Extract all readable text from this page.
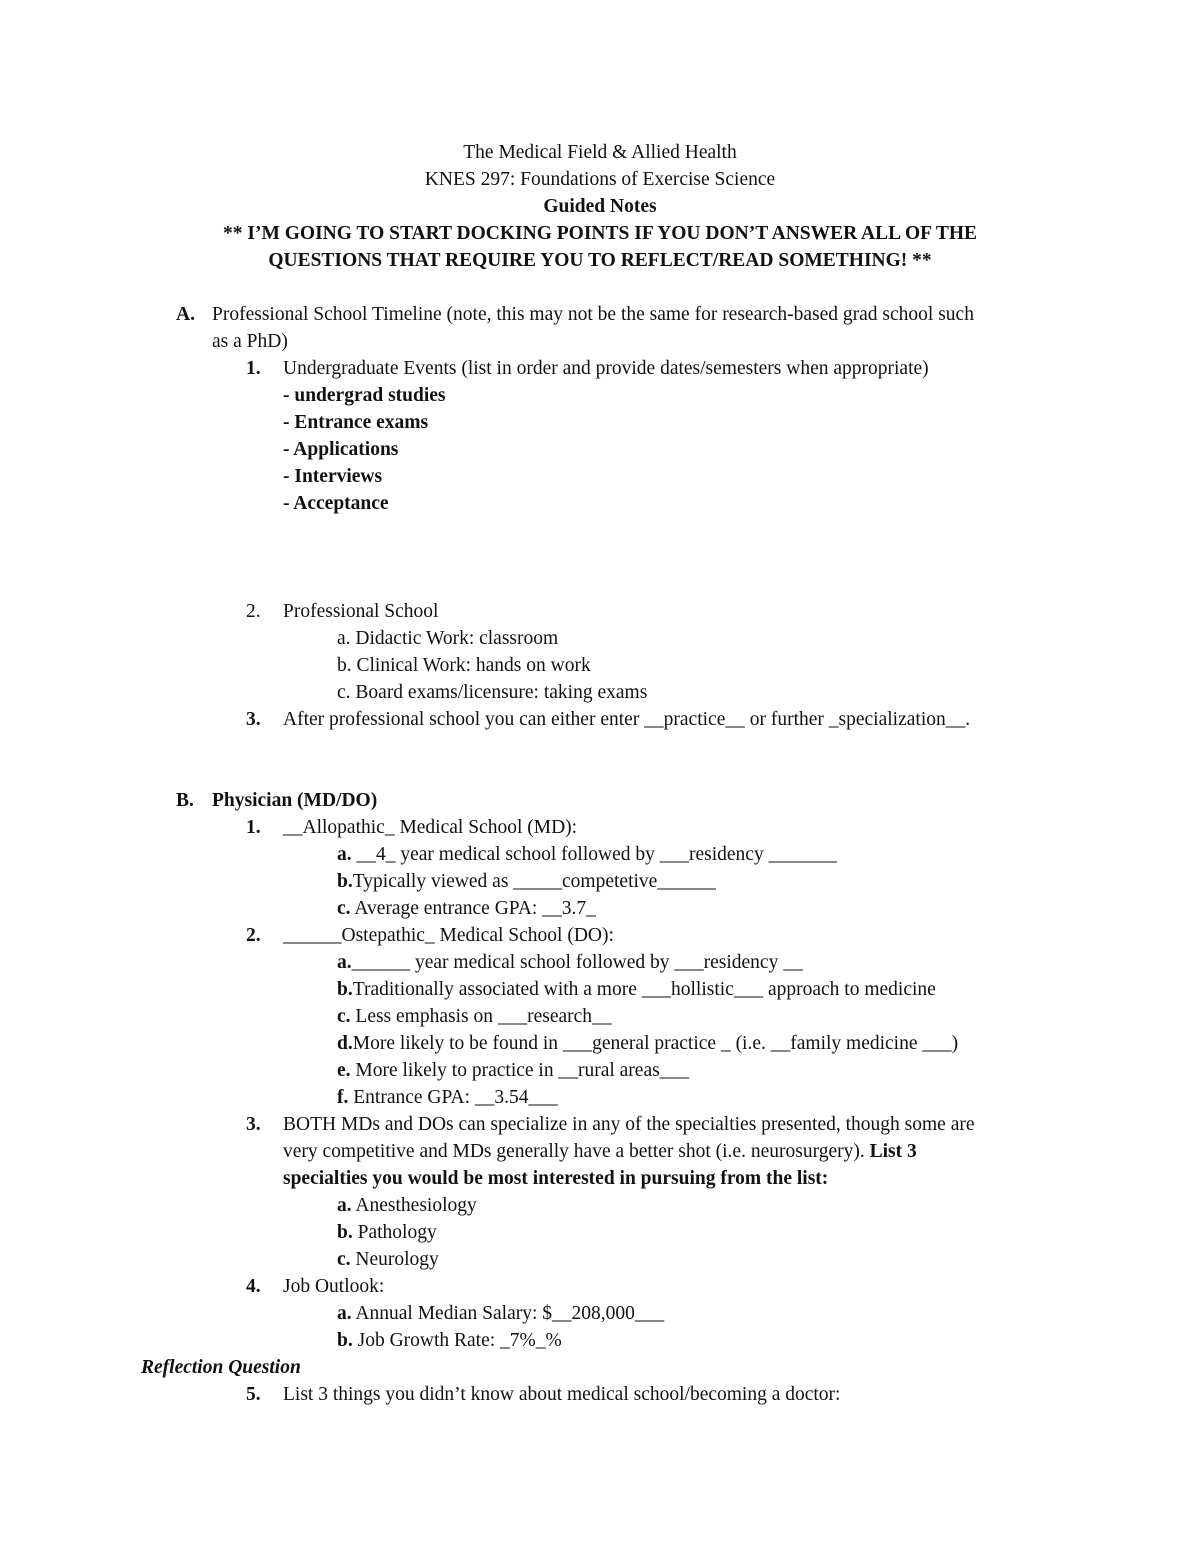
The Medical Field & Allied Health
KNES 297: Foundations of Exercise Science
Guided Notes
** I’M GOING TO START DOCKING POINTS IF YOU DON’T ANSWER ALL OF THE
QUESTIONS THAT REQUIRE YOU TO REFLECT/READ SOMETHING! **
A. Professional School Timeline (note, this may not be the same for research-based grad school such
as a PhD)
1. Undergraduate Events (list in order and provide dates/semesters when appropriate)
- undergrad studies
- Entrance exams
- Applications
- Interviews
- Acceptance
2. Professional School
a. Didactic Work: classroom
b. Clinical Work: hands on work
c. Board exams/licensure: taking exams
3. After professional school you can either enter __practice__ or further _specialization__.
B. Physician (MD/DO)
1. __Allopathic_ Medical School (MD):
a. __4_ year medical school followed by ___residency _______
b.Typically viewed as _____competetive______
c. Average entrance GPA: __3.7_
2. ______Ostepathic_ Medical School (DO):
a.______ year medical school followed by ___residency __
b.Traditionally associated with a more ___hollistic___ approach to medicine
c. Less emphasis on ___research__
d.More likely to be found in ___general practice _ (i.e. __family medicine ___)
e. More likely to practice in __rural areas___
f. Entrance GPA: __3.54___
3. BOTH MDs and DOs can specialize in any of the specialties presented, though some are
very competitive and MDs generally have a better shot (i.e. neurosurgery). List 3
specialties you would be most interested in pursuing from the list:
a. Anesthesiology
b. Pathology
c. Neurology
4. Job Outlook:
a. Annual Median Salary: $__208,000___
b. Job Growth Rate: _7%_%
Reflection Question
5. List 3 things you didn’t know about medical school/becoming a doctor:
